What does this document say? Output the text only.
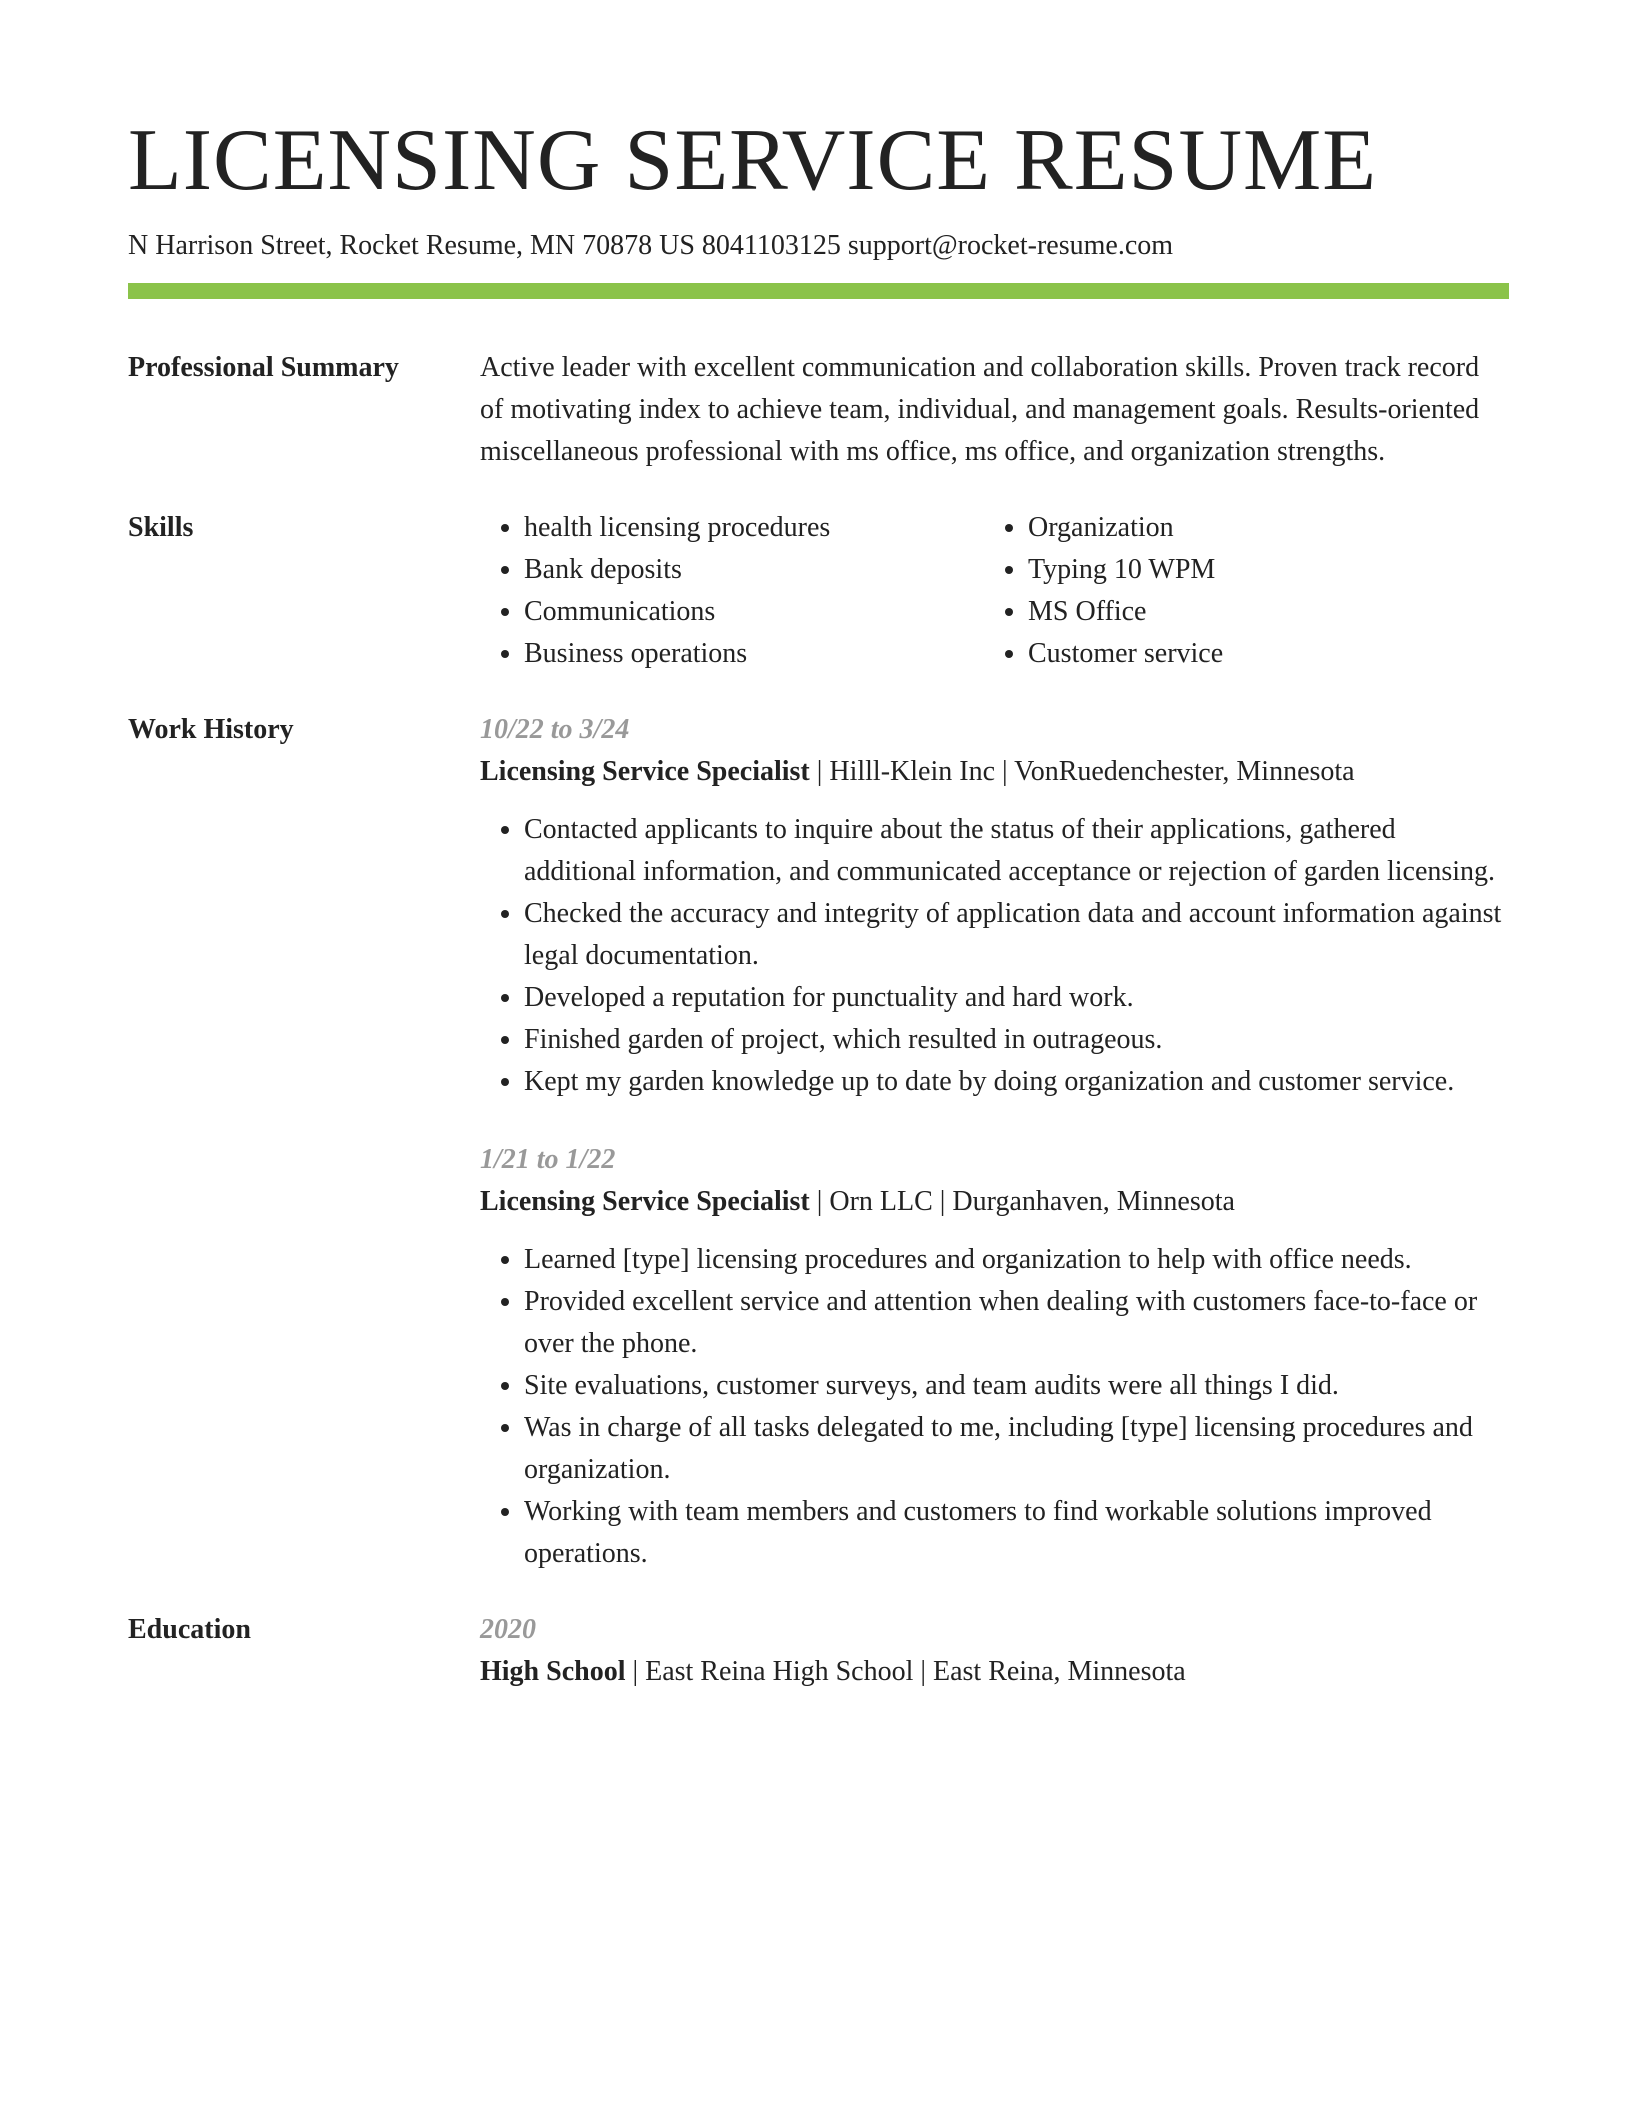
LICENSING SERVICE RESUME
N Harrison Street, Rocket Resume, MN 70878 US 8041103125 support@rocket-resume.com
Professional Summary	Active leader with excellent communication and collaboration skills. Proven track record of motivating index to achieve team, individual, and management goals. Results-oriented miscellaneous professional with ms office, ms office, and organization strengths.
Skills
•	health licensing procedures
• Bank deposits
• Communications
• Business operations
• Organization
• Typing 10 WPM
• MS Office
• Customer service
Work History	10/22 to 3/24
Licensing Service Specialist | Hilll-Klein Inc | VonRuedenchester, Minnesota
• Contacted applicants to inquire about the status of their applications, gathered additional information, and communicated acceptance or rejection of garden licensing.
• Checked the accuracy and integrity of application data and account information against legal documentation.
• Developed a reputation for punctuality and hard work.
• Finished garden of project, which resulted in outrageous.
• Kept my garden knowledge up to date by doing organization and customer service.
1/21 to 1/22
Licensing Service Specialist | Orn LLC | Durganhaven, Minnesota
• Learned [type] licensing procedures and organization to help with office needs.
• Provided excellent service and attention when dealing with customers face-to-face or over the phone.
• Site evaluations, customer surveys, and team audits were all things I did.
• Was in charge of all tasks delegated to me, including [type] licensing procedures and organization.
• Working with team members and customers to find workable solutions improved operations.
Education	2020
High School | East Reina High School | East Reina, Minnesota
